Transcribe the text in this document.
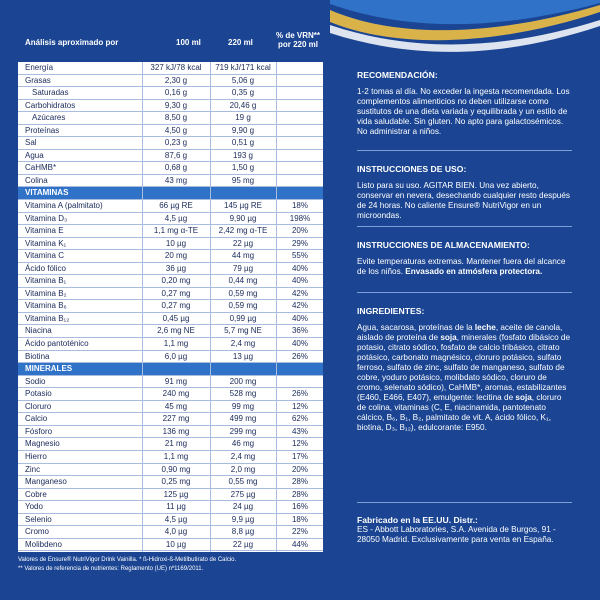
Análisis aproximado por	100 ml	220 ml
% de VRN**
por 220 ml
Energía	327 kJ/78 kcal	719 kJ/171 kcal
Grasas	2,30 g	5,06 g
Saturadas	0,16 g	0,35 g
Carbohidratos	9,30 g	20,46 g
Azúcares	8,50 g	19 g
Proteínas	4,50 g	9,90 g
Sal	0,23 g	0,51 g
Agua	87,6 g	193 g
CaHMB*	0,68 g	1,50 g
Colina	43 mg	95 mg
VITAMINAS
Vitamina A (palmitato)	66 µg RE	145 µg RE	18%
Vitamina D₃	4,5 µg	9,90 µg	198%
Vitamina E	1,1 mg α-TE	2,42 mg α-TE	20%
Vitamina K₁	10 µg	22 µg	29%
Vitamina C	20 mg	44 mg	55%
Ácido fólico	36 µg	79 µg	40%
Vitamina B₁	0,20 mg	0,44 mg	40%
Vitamina B₂	0,27 mg	0,59 mg	42%
Vitamina B₆	0,27 mg	0,59 mg	42%
Vitamina B₁₂	0,45 µg	0,99 µg	40%
Niacina	2,6 mg NE	5,7 mg NE	36%
Ácido pantoténico	1,1 mg	2,4 mg	40%
Biotina	6,0 µg	13 µg	26%
MINERALES
Sodio	91 mg	200 mg
Potasio	240 mg	528 mg	26%
Cloruro	45 mg	99 mg	12%
Calcio	227 mg	499 mg	62%
Fósforo	136 mg	299 mg	43%
Magnesio	21 mg	46 mg	12%
Hierro	1,1 mg	2,4 mg	17%
Zinc	0,90 mg	2,0 mg	20%
Manganeso	0,25 mg	0,55 mg	28%
Cobre	125 µg	275 µg	28%
Yodo	11 µg	24 µg	16%
Selenio	4,5 µg	9,9 µg	18%
Cromo	4,0 µg	8,8 µg	22%
Molibdeno	10 µg	22 µg	44%
Valores de Ensure® NutriVigor Drink Vainilla. * ß-Hidroxi-ß-Metilbutirato de Calcio.
** Valores de referencia de nutrientes: Reglamento (UE) nº1169/2011.
RECOMENDACIÓN:
1-2 tomas al día. No exceder la ingesta recomendada. Los complementos alimenticios no deben utilizarse como sustitutos de una dieta variada y equilibrada y un estilo de vida saludable. Sin gluten. No apto para galactosémicos. No administrar a niños.
INSTRUCCIONES DE USO:
Listo para su uso. AGITAR BIEN. Una vez abierto, conservar en nevera, desechando cualquier resto después de 24 horas. No caliente Ensure® NutriVigor en un microondas.
INSTRUCCIONES DE ALMACENAMIENTO:
Evite temperaturas extremas. Mantener fuera del alcance de los niños. Envasado en atmósfera protectora.
INGREDIENTES:
Agua, sacarosa, proteínas de la leche, aceite de canola, aislado de proteína de soja, minerales (fosfato dibásico de potasio, citrato sódico, fosfato de calcio tribásico, citrato potásico, carbonato magnésico, cloruro potásico, sulfato ferroso, sulfato de zinc, sulfato de manganeso, sulfato de cobre, yoduro potásico, molibdato sódico, cloruro de cromo, selenato sódico), CaHMB*, aromas, estabilizantes (E460, E466, E407), emulgente: lecitina de soja, cloruro de colina, vitaminas (C, E, niacinamida, pantotenato cálcico, B₆, B₁, B₂, palmitato de vit. A, ácido fólico, K₁, biotina, D₃, B₁₂), edulcorante: E950.
Fabricado en la EE.UU. Distr.:
ES - Abbott Laboratories, S.A. Avenida de Burgos, 91 - 28050 Madrid. Exclusivamente para venta en España.
